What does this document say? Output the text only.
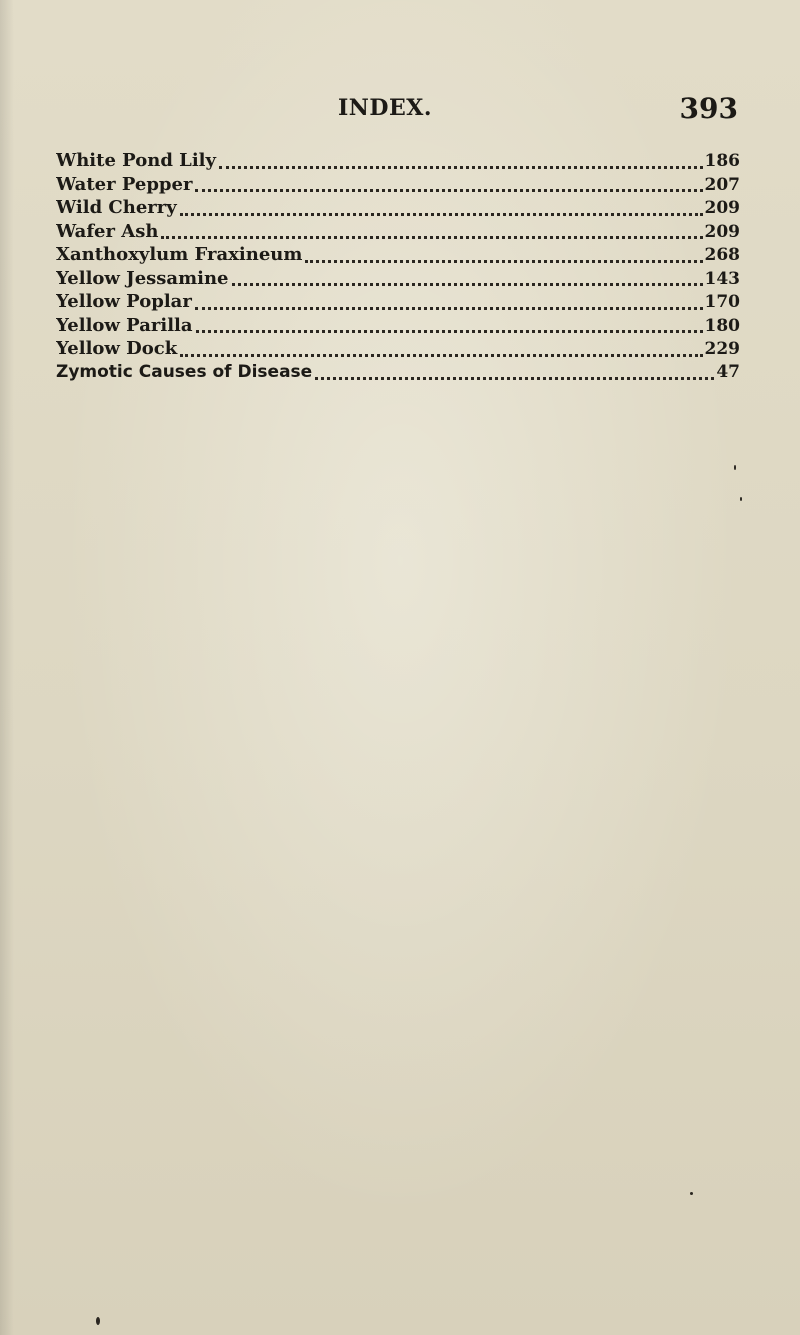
INDEX.	393
White Pond Lily	186
Water Pepper	207
Wild Cherry	209
Wafer Ash	209
Xanthoxylum Fraxineum	268
Yellow Jessamine	143
Yellow Poplar	170
Yellow Parilla	180
Yellow Dock	229
Zymotic Causes of Disease	47
